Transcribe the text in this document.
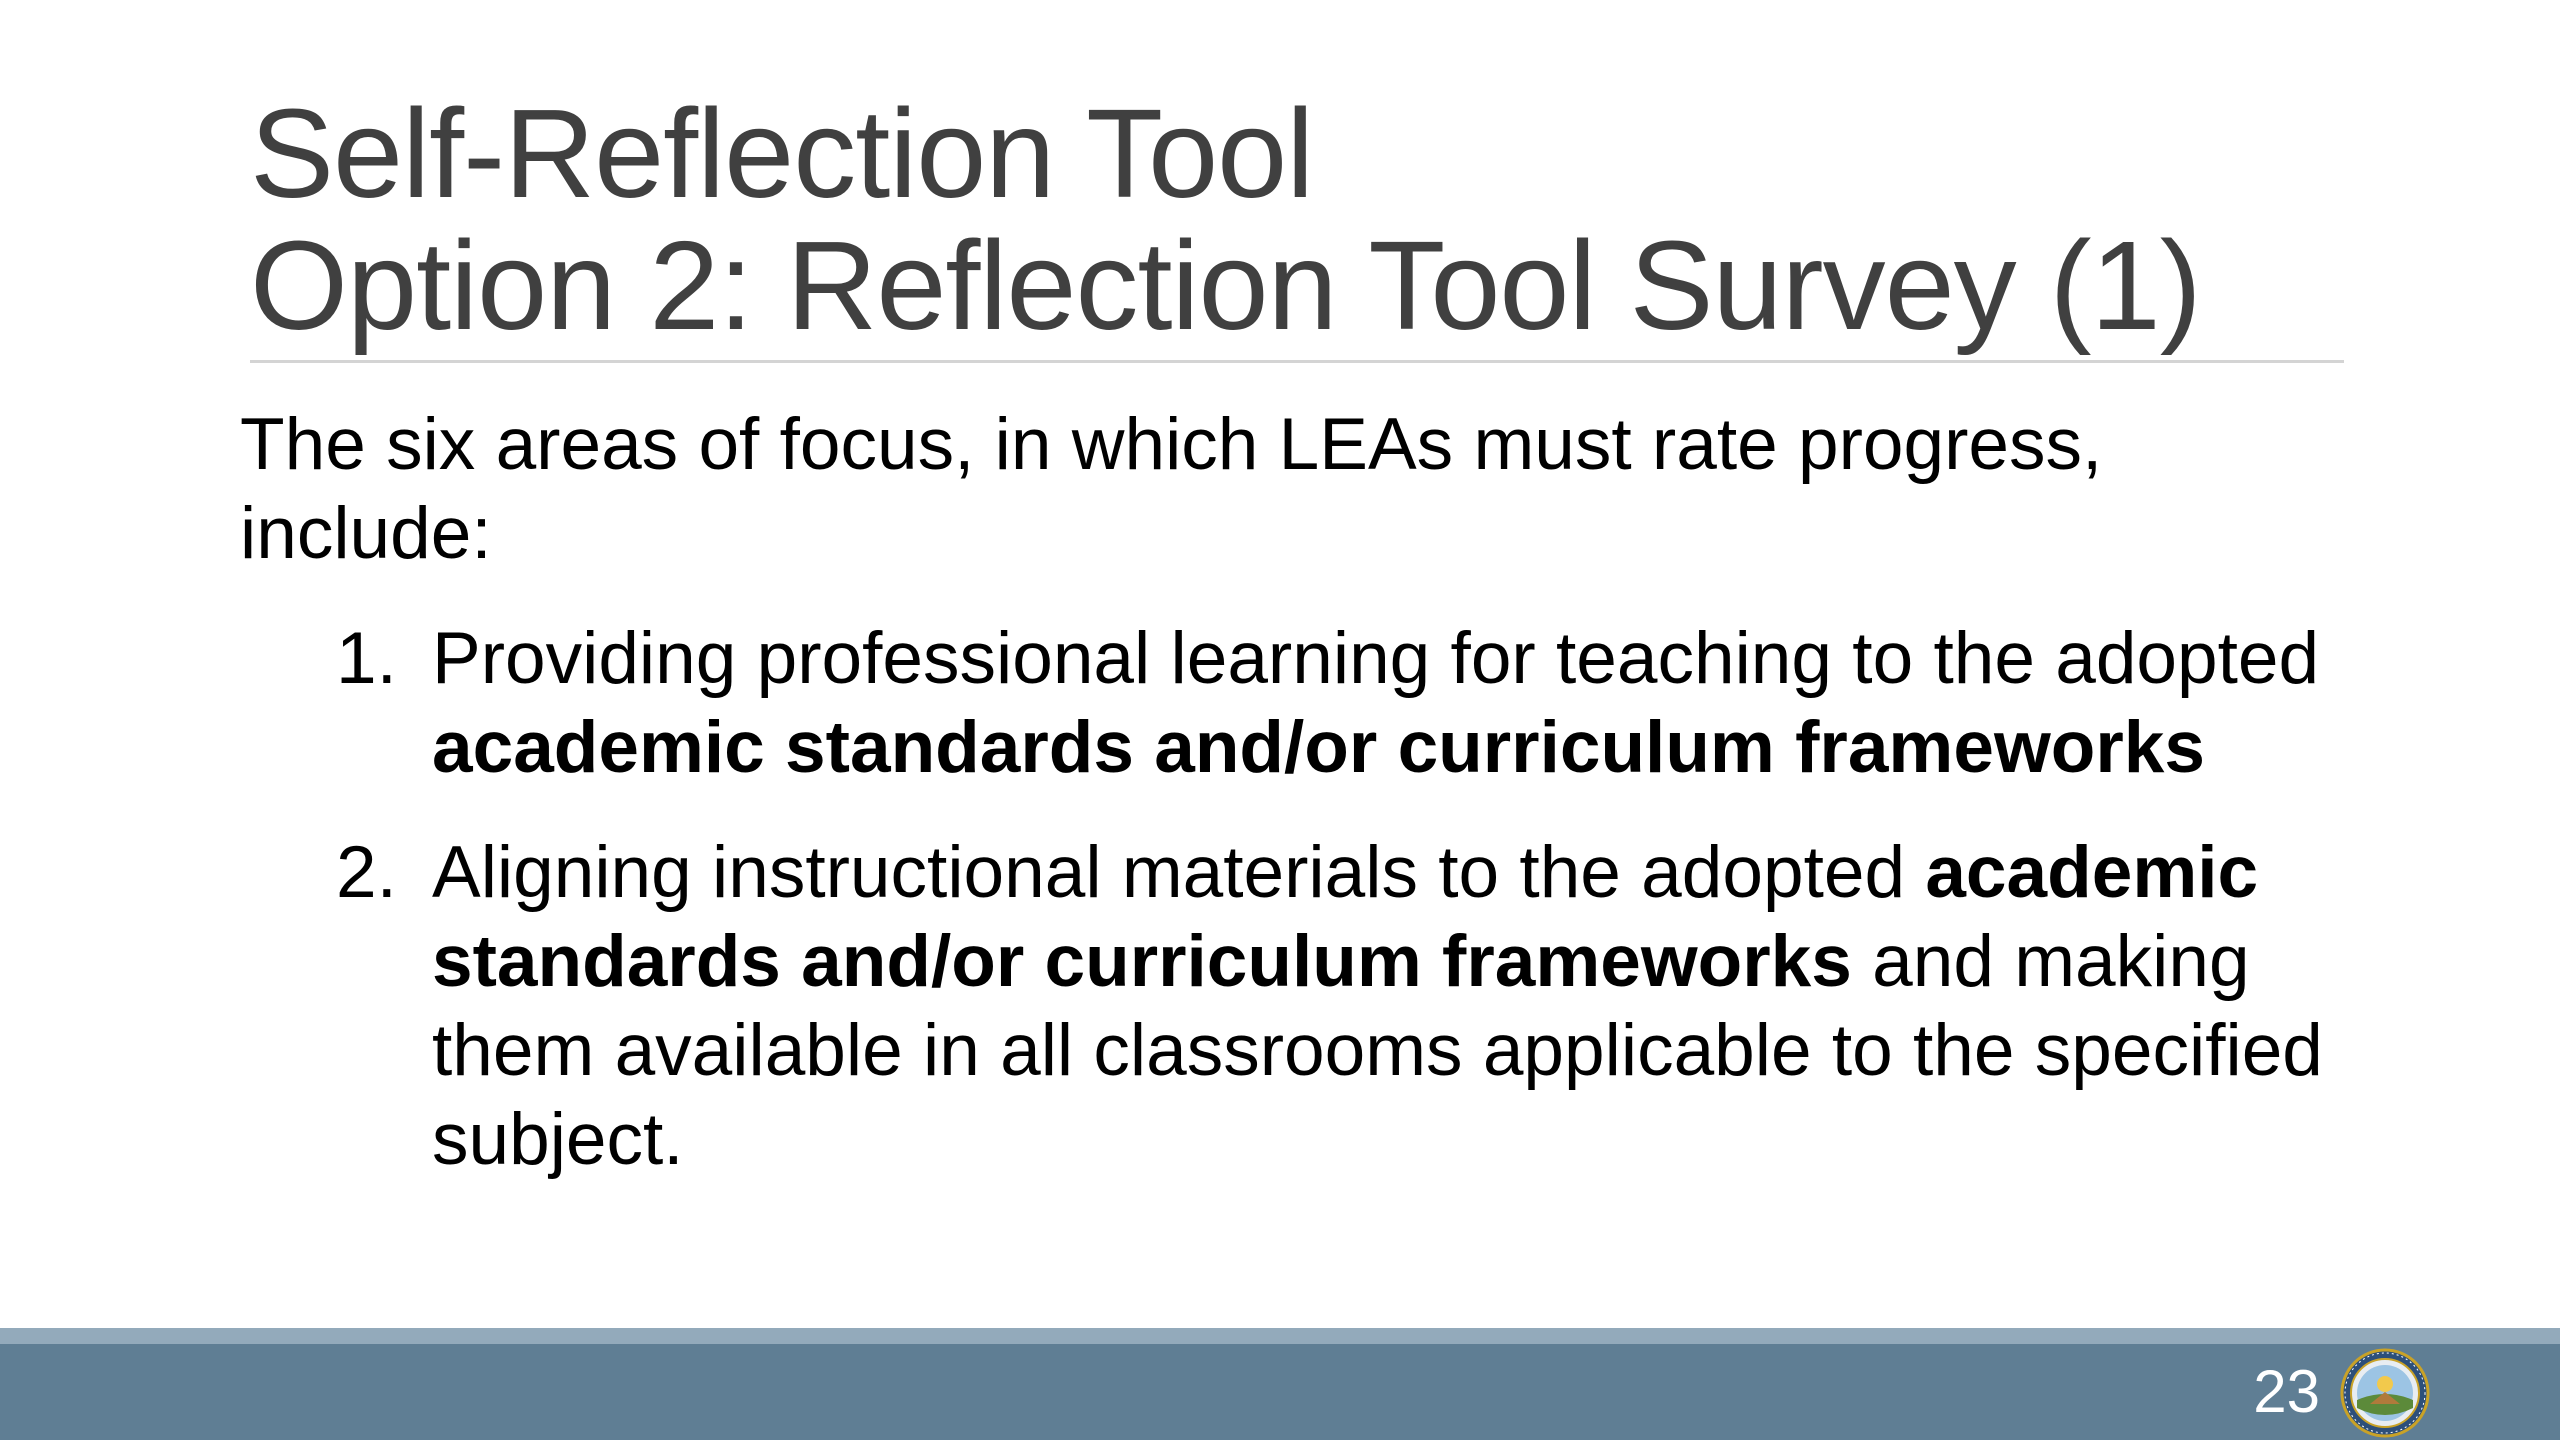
Self-Reflection Tool
Option 2: Reflection Tool Survey (1)

The six areas of focus, in which LEAs must rate progress, include:

1. Providing professional learning for teaching to the adopted academic standards and/or curriculum frameworks
2. Aligning instructional materials to the adopted academic standards and/or curriculum frameworks and making them available in all classrooms applicable to the specified subject.
23
